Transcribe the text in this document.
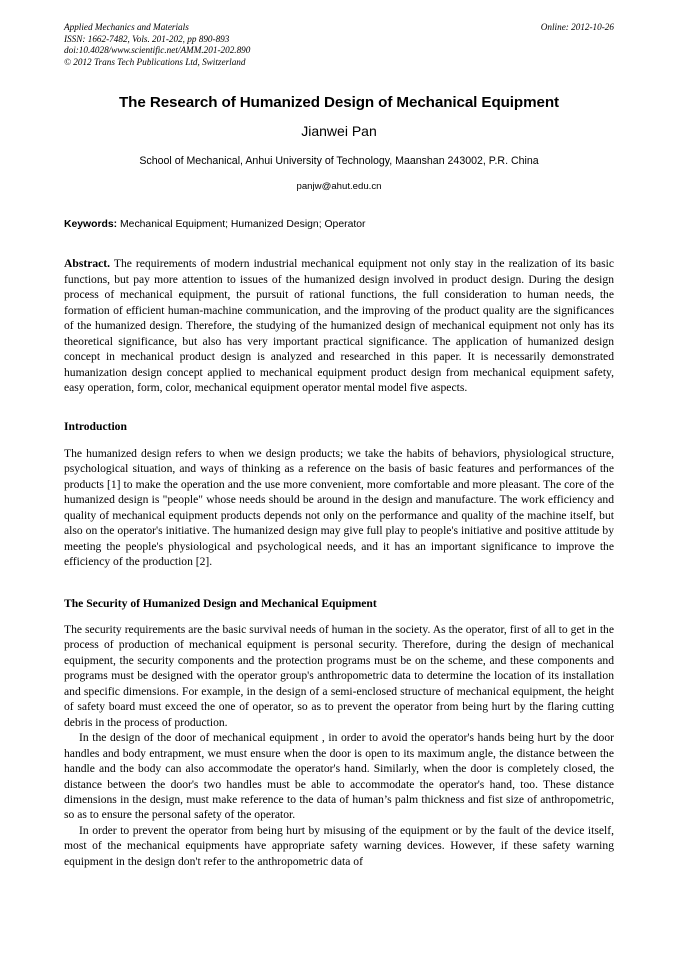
Applied Mechanics and Materials
ISSN: 1662-7482, Vols. 201-202, pp 890-893
doi:10.4028/www.scientific.net/AMM.201-202.890
© 2012 Trans Tech Publications Ltd, Switzerland
Online: 2012-10-26
The Research of Humanized Design of Mechanical Equipment
Jianwei Pan
School of Mechanical, Anhui University of Technology, Maanshan 243002, P.R. China
panjw@ahut.edu.cn
Keywords: Mechanical Equipment; Humanized Design; Operator
Abstract. The requirements of modern industrial mechanical equipment not only stay in the realization of its basic functions, but pay more attention to issues of the humanized design involved in product design. During the design process of mechanical equipment, the pursuit of rational functions, the full consideration to human needs, the formation of efficient human-machine communication, and the improving of the product quality are the significances of the humanized design. Therefore, the studying of the humanized design of mechanical equipment not only has its theoretical significance, but also has very important practical significance. The application of humanized design concept in mechanical product design is analyzed and researched in this paper. It is necessarily demonstrated humanization design concept applied to mechanical equipment product design from mechanical equipment safety, easy operation, form, color, mechanical equipment operator mental model five aspects.
Introduction
The humanized design refers to when we design products; we take the habits of behaviors, physiological structure, psychological situation, and ways of thinking as a reference on the basis of basic features and performances of the products [1] to make the operation and the use more convenient, more comfortable and more pleasant. The core of the humanized design is "people" whose needs should be around in the design and manufacture. The work efficiency and quality of mechanical equipment products depends not only on the performance and quality of the machine itself, but also on the operator's initiative. The humanized design may give full play to people's initiative and positive attitude by meeting the people's physiological and psychological needs, and it has an important significance to improve the efficiency of the production [2].
The Security of Humanized Design and Mechanical Equipment
The security requirements are the basic survival needs of human in the society. As the operator, first of all to get in the process of production of mechanical equipment is personal security. Therefore, during the design of mechanical equipment, the security components and the protection programs must be on the scheme, and these components and programs must be designed with the operator group's anthropometric data to determine the location of its installation and specific dimensions. For example, in the design of a semi-enclosed structure of mechanical equipment, the height of safety board must exceed the one of operator, so as to prevent the operator from being hurt by the flaring cutting debris in the process of production.
In the design of the door of mechanical equipment , in order to avoid the operator's hands being hurt by the door handles and body entrapment, we must ensure when the door is open to its maximum angle, the distance between the handle and the body can also accommodate the operator's hand. Similarly, when the door is completely closed, the distance between the door's two handles must be able to accommodate the operator's hand, too. These distance dimensions in the design, must make reference to the data of human’s palm thickness and fist size of anthropometric, so as to ensure the personal safety of the operator.
In order to prevent the operator from being hurt by misusing of the equipment or by the fault of the device itself, most of the mechanical equipments have appropriate safety warning devices. However, if these safety warning equipment in the design don't refer to the anthropometric data of
